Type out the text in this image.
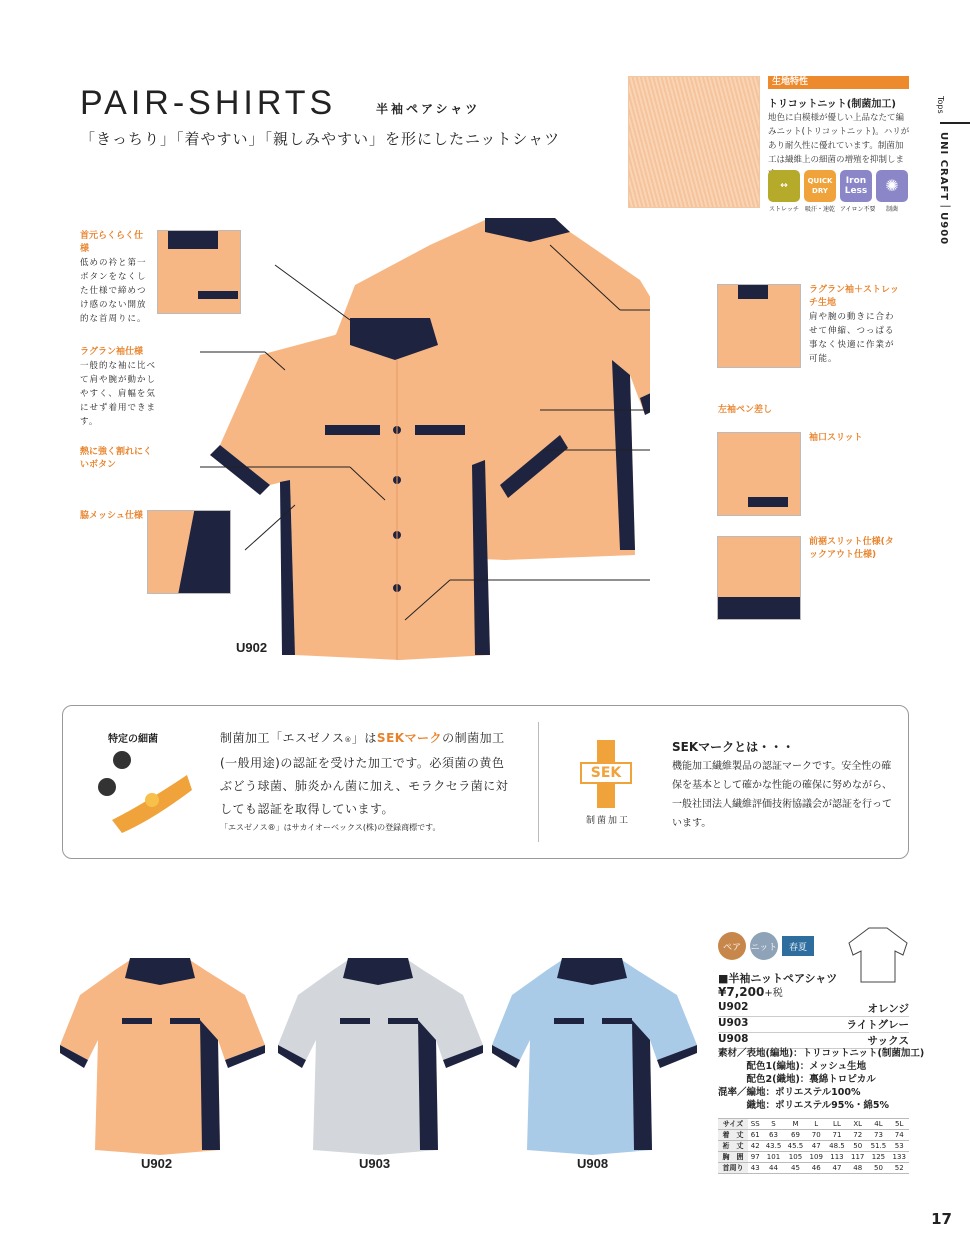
PAIR-SHIRTS	半袖ペアシャツ
「きっちり」「着やすい」「親しみやすい」を形にしたニットシャツ
Tops
UNI CRAFT｜U900
生地特性
トリコットニット(制菌加工)
地色に白模様が優しい上品なたて編みニット(トリコットニット)。ハリがあり耐久性に優れています。制菌加工は繊維上の細菌の増殖を抑制しま
↔
ストレッチ
QUICK DRY
吸汗・速乾
Iron Less
アイロン不要
✺
制菌
U902
首元らくらく仕様
低めの衿と第一ボタンをなくした仕様で締めつけ感のない開放的な首周りに。
ラグラン袖仕様
一般的な袖に比べて肩や腕が動かしやすく、肩幅を気にせず着用できます。
熱に強く割れにくいボタン
脇メッシュ仕様
ラグラン袖＋ストレッチ生地
肩や腕の動きに合わせて伸縮、つっぱる事なく快適に作業が可能。
左袖ペン差し
袖口スリット
前裾スリット仕様(タックアウト仕様)
特定の細菌	制菌加工「エスゼノス®」はSEKマークの制菌加工(一般用途)の認証を受けた加工です。必須菌の黄色ぶどう球菌、肺炎かん菌に加え、モラクセラ菌に対しても認証を取得しています。
「エスゼノス®」はサカイオーベックス(株)の登録商標です。
SEK
制菌加工
SEKマークとは・・・
機能加工繊維製品の認証マークです。安全性の確保を基本として確かな性能の確保に努めながら、一般社団法人繊維評価技術協議会が認証を行っています。
U902	U903	U908
ペア	ニット	春夏
■半袖ニットペアシャツ
¥7,200+税
U902	オレンジ
U903	ライトグレー
U908	サックス
素材／表地(編地)：トリコットニット(制菌加工)
　　　配色1(編地)：メッシュ生地
　　　配色2(織地)：裏綿トロピカル
混率／編地：ポリエステル100%
　　　織地：ポリエステル95%・綿5%
サイズ	SS	S	M	L	LL	XL	4L	5L
着　丈	61	63	69	70	71	72	73	74
裄　丈	42	43.5	45.5	47	48.5	50	51.5	53
胸　囲	97	101	105	109	113	117	125	133
首周り	43	44	45	46	47	48	50	52
17
